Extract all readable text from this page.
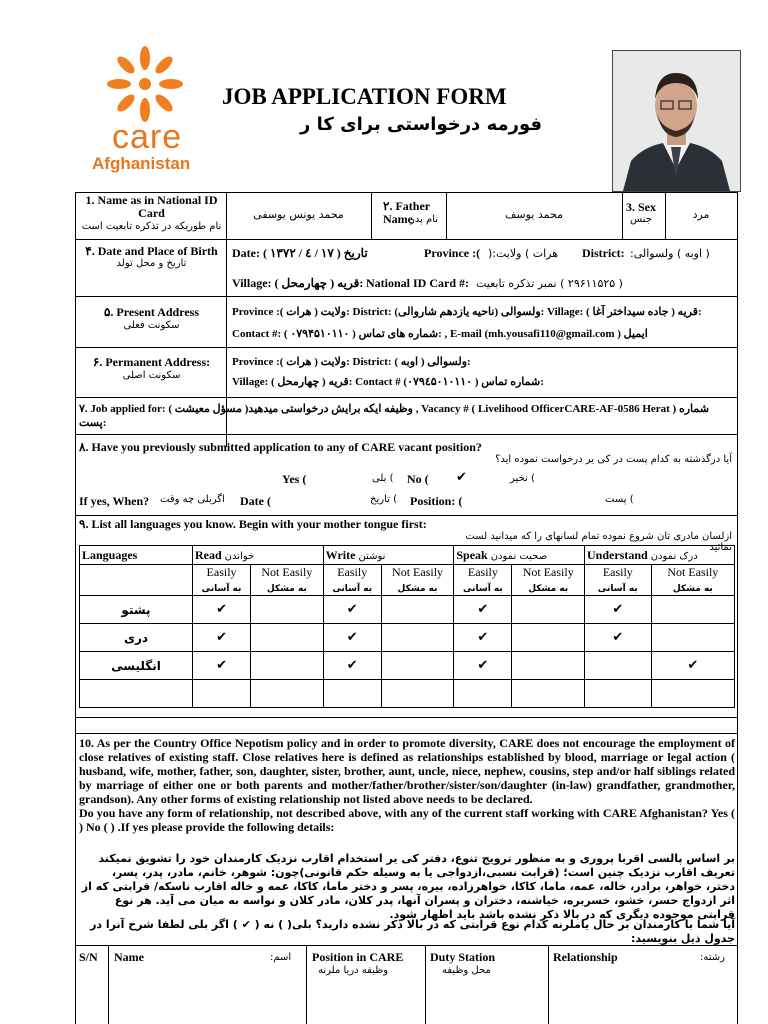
care
Afghanistan
JOB APPLICATION FORM
فورمه درخواستی برای کا ر
1. Name as in National ID Card
نام طوریکه در تذکره تابعیت است
محمد یونس یوسفی
۲. Father Name
نام پدر	محمد یوسف
3. Sex
جنس	مرد
۴. Date and Place of Birth
تاریخ و محل تولد
Date: ( ۱۳۷۲ / ٤ / ۱۷ ) تاریخ	Province :( هرات ) ولایت:( District: ( اوبه ) ولسوالی:
Village: ( چهارمحل ) قریه: National ID Card #: ( ۲۹۶۱۱۵۲۵ ) نمبر تذکره تابعیت
۵. Present Address
سکونت فعلی
Province :( هرات ) ولایت: District: (ناحیه یازدهم شاروالی) ولسوالی: Village: ( جاده سیداختر آغا ) قریه:
Contact #: ( ۰۷۹۴۵۱۰۱۱۰ ) شماره های تماس: , E-mail (mh.yousafi110@gmail.com ) ایمیل
۶. Permanent Address:
سکونت اصلی
Province :( هرات ) ولایت: District: ( اوبه ) ولسوالی:
Village: ( چهارمحل ) قریه: Contact # (۰۷۹٤۵۰۱۰۱۱۰ ) شماره تماس:
۷. Job applied for: ( وظیفه ایکه برایش درخواستی میدهید( مسؤل معیشت , Vacancy # ( Livelihood OfficerCARE-AF-0586 Herat ) شماره پست:
۸. Have you previously submitted application to any of CARE vacant position?
آیا درگذشته به کدام پست در کی یر درخواست نموده اید؟
Yes (	) بلی No ( ✔	) نخیر
If yes, When? اگربلی چه وقت Date (	) تاریخ Position: (	) پست
۹. List all languages you know. Begin with your mother tongue first:
ازلسان مادری تان شروع نموده تمام لسانهای را که میدانید لست نمائید
Languages	Read خواندن		Write نوشتن		Speak صحبت نمودن		Understand درک نمودن	
	Easily
به آسانی	Not Easily
به مشکل	Easily
به آسانی	Not Easily
به مشکل	Easily
به آسانی	Not Easily
به مشکل	Easily
به آسانی	Not Easily
به مشکل
پشتو	✔		✔		✔		✔	
دری	✔		✔		✔		✔	
انگلیسی	✔		✔		✔			✔

10. As per the Country Office Nepotism policy and in order to promote diversity, CARE does not encourage the employment of close relatives of existing staff. Close relatives here is defined as relationships established by blood, marriage or legal action ( husband, wife, mother, father, son, daughter, sister, brother, aunt, uncle, niece, nephew, cousins, step and/or half siblings related by marriage of either one or both parents and mother/father/brother/sister/son/daughter (in-law) grandfather, grandmother, grandson). Any other forms of existing relationship not listed above needs to be declared.
Do you have any form of relationship, not described above, with any of the current staff working with CARE Afghanistan? Yes ( ) No ( ) .If yes please provide the following details:
بر اساس پالسی اقربا پروری و به منظور ترویج تنوع، دفتر کی یر استخدام اقارب نزدیک کارمندان خود را تشویق نمیکند تعریف اقارب نزدیک چنین است؛ (قرابت نسبی،ازدواجی یا به وسیله حکم قانونی)چون: شوهر، خانم، مادر، پدر، پسر، دختر، خواهر، برادر، خاله، عمه، ماما، کاکا، خواهرزاده، بیره، پسر و دختر ماما، کاکا، عمه و خاله اقارب ناسکه/ قرابتی که از اثر ازدواج حسر، خشو، خسربره، خیاشنه، دختران و پسران آنها، پدر کلان، مادر کلان و نواسه به میان می آید. هر نوع قرابتی موجوده دیگری که در بالا ذکر نشده باشد باید اظهار شود.
آیا شما با کارمندان بر حال یاملرنه کدام نوع قرابتی که در بالا ذکر نشده دارید؟ بلی( ) نه ( ✔ ) اگر بلی لطفا شرح آنرا در جدول ذیل بنویسید:
S/N Name	اسم: Position in CARE
وظیفه دریا ملرنه
Duty Station
محل وظیفه
Relationship	رشته:
